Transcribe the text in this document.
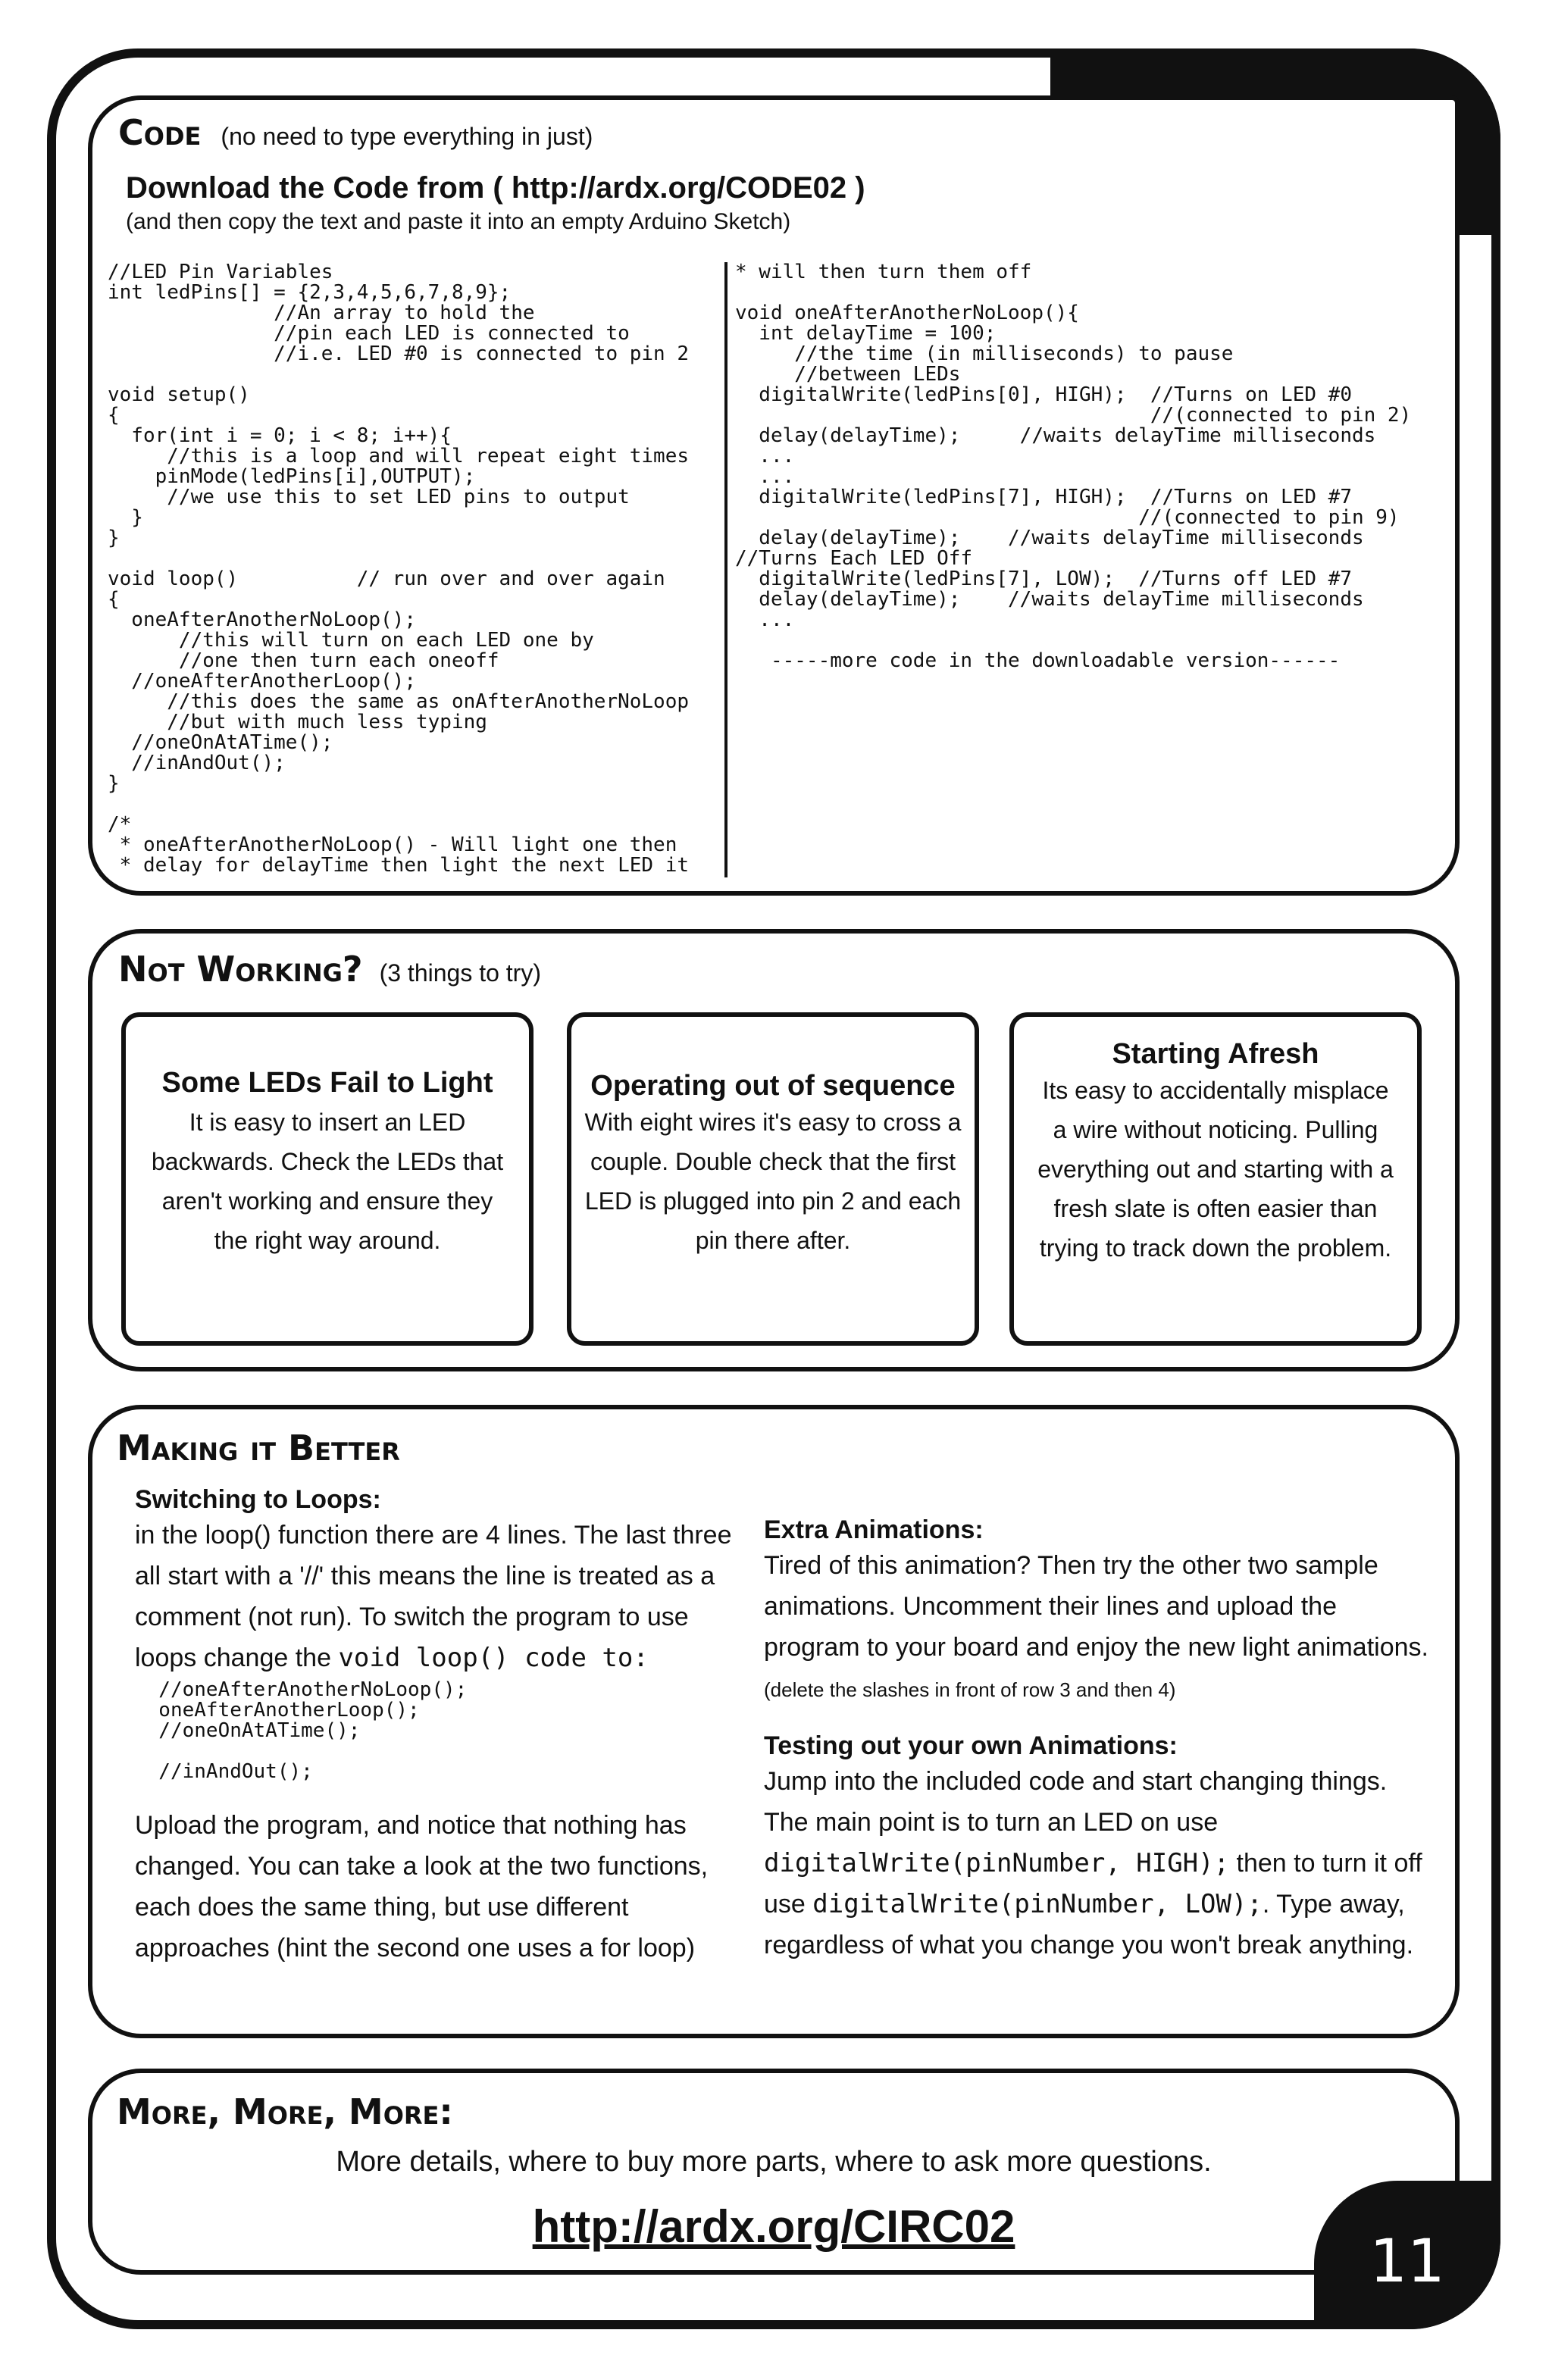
Code (no need to type everything in just)
Download the Code from ( http://ardx.org/CODE02 )
(and then copy the text and paste it into an empty Arduino Sketch)
//LED Pin Variables
int ledPins[] = {2,3,4,5,6,7,8,9};
//An array to hold the
//pin each LED is connected to
//i.e. LED #0 is connected to pin 2

void setup()
{
for(int i = 0; i < 8; i++){
//this is a loop and will repeat eight times
pinMode(ledPins[i],OUTPUT);
//we use this to set LED pins to output
}
}

void loop()          // run over and over again
{
oneAfterAnotherNoLoop();
//this will turn on each LED one by
//one then turn each oneoff
//oneAfterAnotherLoop();
//this does the same as onAfterAnotherNoLoop
//but with much less typing
//oneOnAtATime();
//inAndOut();
}

/*
* oneAfterAnotherNoLoop() - Will light one then
* delay for delayTime then light the next LED it
* will then turn them off

void oneAfterAnotherNoLoop(){
int delayTime = 100;
//the time (in milliseconds) to pause
//between LEDs
digitalWrite(ledPins[0], HIGH);  //Turns on LED #0
//(connected to pin 2)
delay(delayTime);     //waits delayTime milliseconds
...
...
digitalWrite(ledPins[7], HIGH);  //Turns on LED #7
//(connected to pin 9)
delay(delayTime);    //waits delayTime milliseconds
//Turns Each LED Off
digitalWrite(ledPins[7], LOW);  //Turns off LED #7
delay(delayTime);    //waits delayTime milliseconds
...

-----more code in the downloadable version------
Not Working? (3 things to try)
Some LEDs Fail to Light
It is easy to insert an LED backwards. Check the LEDs that aren't working and ensure they the right way around.
Operating out of sequence
With eight wires it's easy to cross a couple. Double check that the first LED is plugged into pin 2 and each pin there after.
Starting Afresh
Its easy to accidentally misplace a wire without noticing. Pulling everything out and starting with a fresh slate is often easier than trying to track down the problem.
Making it Better
Switching to Loops:
in the loop() function there are 4 lines. The last three all start with a '//' this means the line is treated as a comment (not run). To switch the program to use loops change the void loop() code to:
//oneAfterAnotherNoLoop();
oneAfterAnotherLoop();
//oneOnAtATime();

//inAndOut();
Upload the program, and notice that nothing has changed. You can take a look at the two functions, each does the same thing, but use different approaches (hint the second one uses a for loop)
Extra Animations:
Tired of this animation? Then try the other two sample animations. Uncomment their lines and upload the program to your board and enjoy the new light animations. (delete the slashes in front of row 3 and then 4)
Testing out your own Animations:
Jump into the included code and start changing things. The main point is to turn an LED on use digitalWrite(pinNumber, HIGH); then to turn it off use digitalWrite(pinNumber, LOW);. Type away, regardless of what you change you won't break anything.
More, More, More:
More details, where to buy more parts, where to ask more questions.
http://ardx.org/CIRC02
11
